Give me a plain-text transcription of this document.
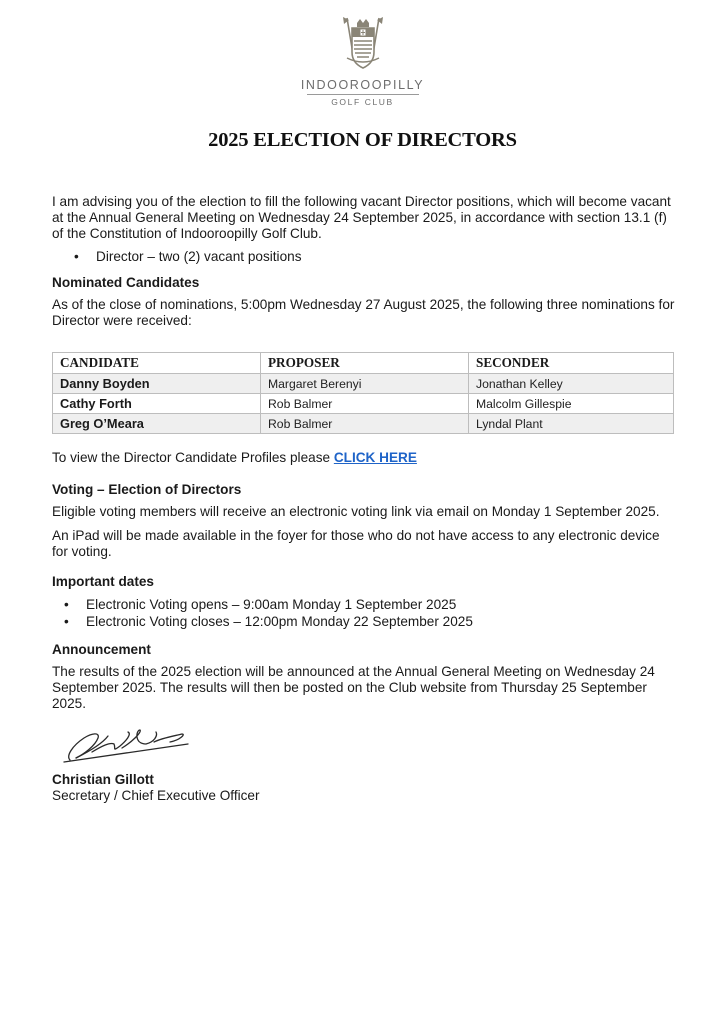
INDOOROOPILLY
GOLF CLUB
2025 ELECTION OF DIRECTORS

I am advising you of the election to fill the following vacant Director positions, which will become vacant at the Annual General Meeting on Wednesday 24 September 2025, in accordance with section 13.1 (f) of the Constitution of Indooroopilly Golf Club.

• Director – two (2) vacant positions
Nominated Candidates

As of the close of nominations, 5:00pm Wednesday 27 August 2025, the following three nominations for Director were received:

CANDIDATE	PROPOSER	SECONDER
Danny Boyden	Margaret Berenyi	Jonathan Kelley
Cathy Forth	Rob Balmer	Malcolm Gillespie
Greg O’Meara	Rob Balmer	Lyndal Plant

To view the Director Candidate Profiles please CLICK HERE

Voting – Election of Directors

Eligible voting members will receive an electronic voting link via email on Monday 1 September 2025.

An iPad will be made available in the foyer for those who do not have access to any electronic device for voting.

Important dates
• Electronic Voting opens – 9:00am Monday 1 September 2025
• Electronic Voting closes – 12:00pm Monday 22 September 2025
Announcement

The results of the 2025 election will be announced at the Annual General Meeting on Wednesday 24 September 2025. The results will then be posted on the Club website from Thursday 25 September 2025.

Christian Gillott
Secretary / Chief Executive Officer
